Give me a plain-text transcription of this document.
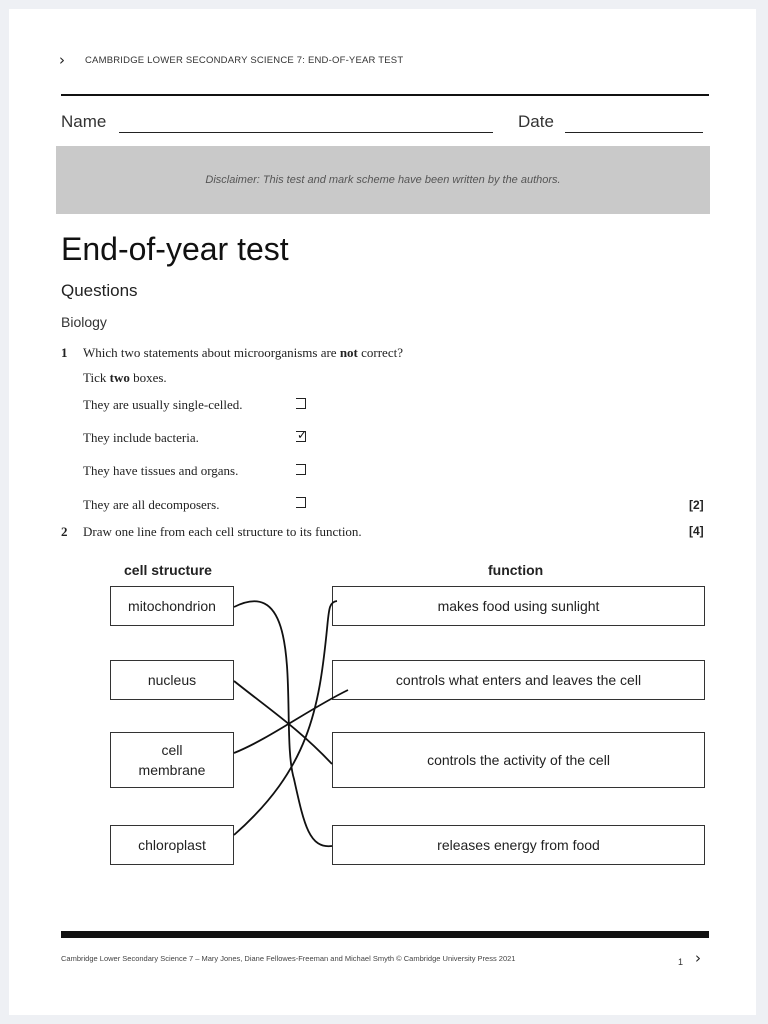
› CAMBRIDGE LOWER SECONDARY SCIENCE 7: END-OF-YEAR TEST
Name	Date
Disclaimer: This test and mark scheme have been written by the authors.
End-of-year test
Questions
Biology
1 Which two statements about microorganisms are not correct?
Tick two boxes.
They are usually single-celled.
They include bacteria.	✓
They have tissues and organs.
They are all decomposers.	[2]
2 Draw one line from each cell structure to its function.	[4]
cell structure	function
mitochondrion
nucleus
cell membrane
chloroplast
makes food using sunlight
controls what enters and leaves the cell
controls the activity of the cell
releases energy from food
Cambridge Lower Secondary Science 7 – Mary Jones, Diane Fellowes-Freeman and Michael Smyth © Cambridge University Press 2021	1 ›
